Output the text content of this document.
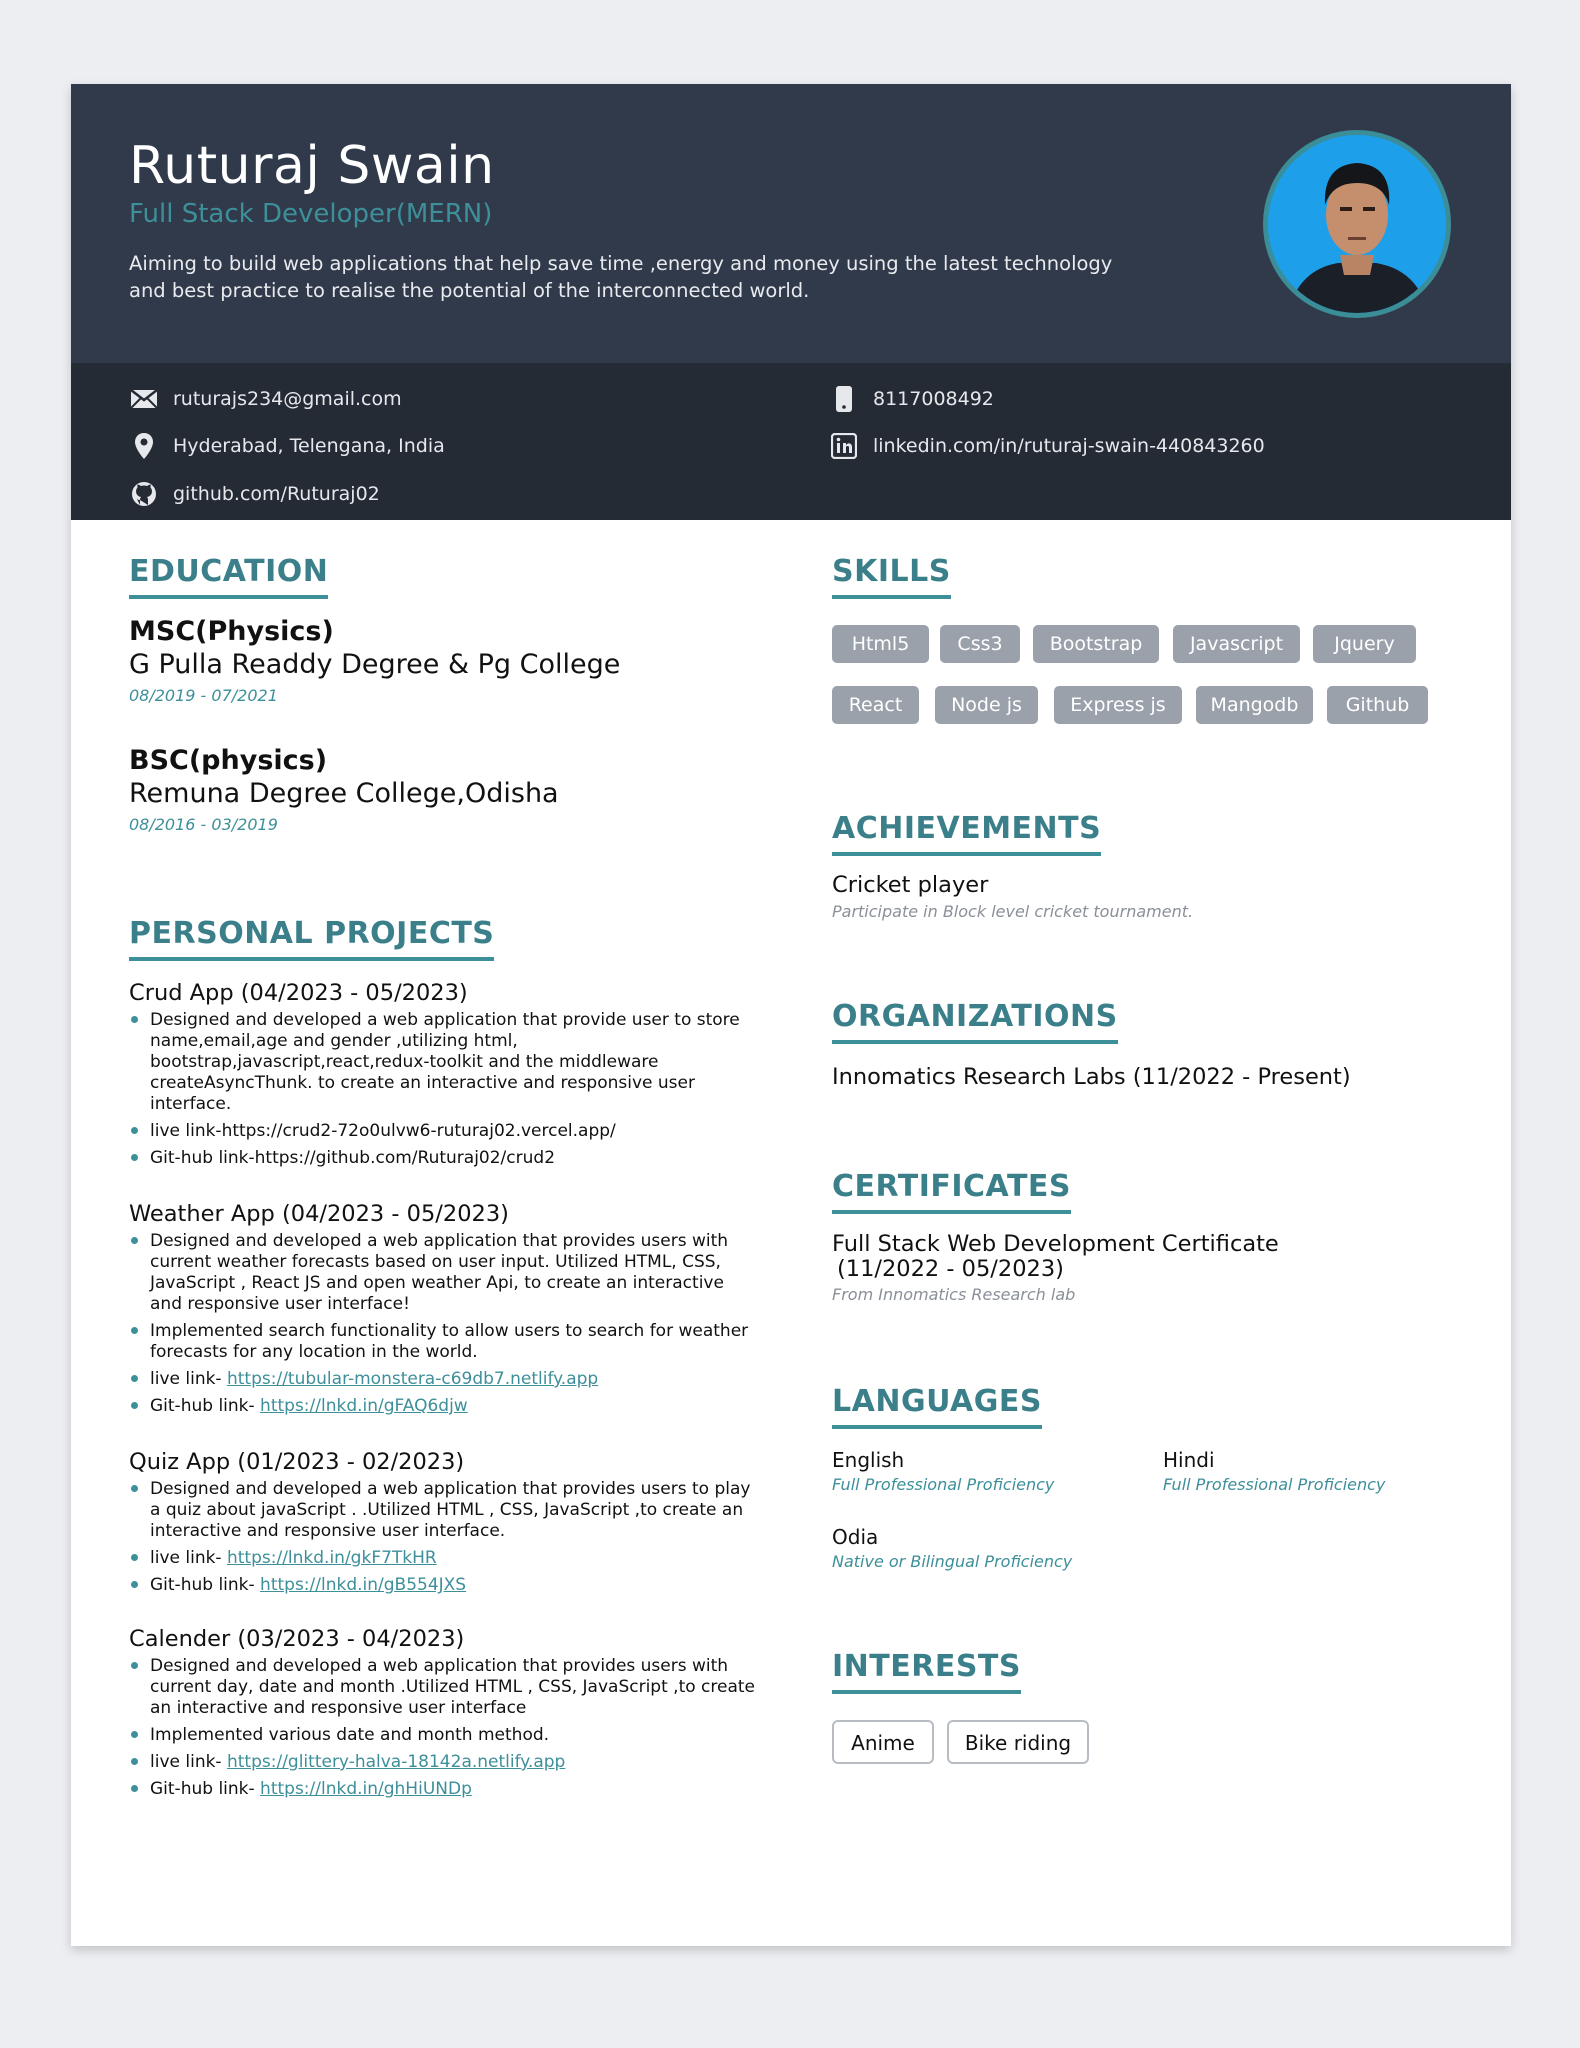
Ruturaj Swain
Full Stack Developer(MERN)
Aiming to build web applications that help save time ,energy and money using the latest technology and best practice to realise the potential of the interconnected world.
ruturajs234@gmail.com	8117008492
Hyderabad, Telengana, India	linkedin.com/in/ruturaj-swain-440843260
github.com/Ruturaj02
EDUCATION
MSC(Physics)
G Pulla Readdy Degree & Pg College
08/2019 - 07/2021
BSC(physics)
Remuna Degree College,Odisha
08/2016 - 03/2019
PERSONAL PROJECTS
Crud App (04/2023 - 05/2023)
Designed and developed a web application that provide user to store name,email,age and gender ,utilizing html, bootstrap,javascript,react,redux-toolkit and the middleware createAsyncThunk. to create an interactive and responsive user interface.
live link-https://crud2-72o0ulvw6-ruturaj02.vercel.app/
Git-hub link-https://github.com/Ruturaj02/crud2
Weather App (04/2023 - 05/2023)
Designed and developed a web application that provides users with current weather forecasts based on user input. Utilized HTML, CSS, JavaScript , React JS and open weather Api, to create an interactive and responsive user interface!
Implemented search functionality to allow users to search for weather forecasts for any location in the world.
live link- https://tubular-monstera-c69db7.netlify.app
Git-hub link- https://lnkd.in/gFAQ6djw
Quiz App (01/2023 - 02/2023)
Designed and developed a web application that provides users to play a quiz about javaScript . .Utilized HTML , CSS, JavaScript ,to create an interactive and responsive user interface.
live link- https://lnkd.in/gkF7TkHR
Git-hub link- https://lnkd.in/gB554JXS
Calender (03/2023 - 04/2023)
Designed and developed a web application that provides users with current day, date and month .Utilized HTML , CSS, JavaScript ,to create an interactive and responsive user interface
Implemented various date and month method.
live link- https://glittery-halva-18142a.netlify.app
Git-hub link- https://lnkd.in/ghHiUNDp
SKILLS
Html5	Css3	Bootstrap	Javascript	Jquery
React	Node js	Express js	Mangodb	Github
ACHIEVEMENTS
Cricket player
Participate in Block level cricket tournament.
ORGANIZATIONS
Innomatics Research Labs (11/2022 - Present)
CERTIFICATES
Full Stack Web Development Certificate
(11/2022 - 05/2023)
From Innomatics Research lab
LANGUAGES
English
Full Professional Proficiency
Hindi
Full Professional Proficiency
Odia
Native or Bilingual Proficiency
INTERESTS
Anime	Bike riding
